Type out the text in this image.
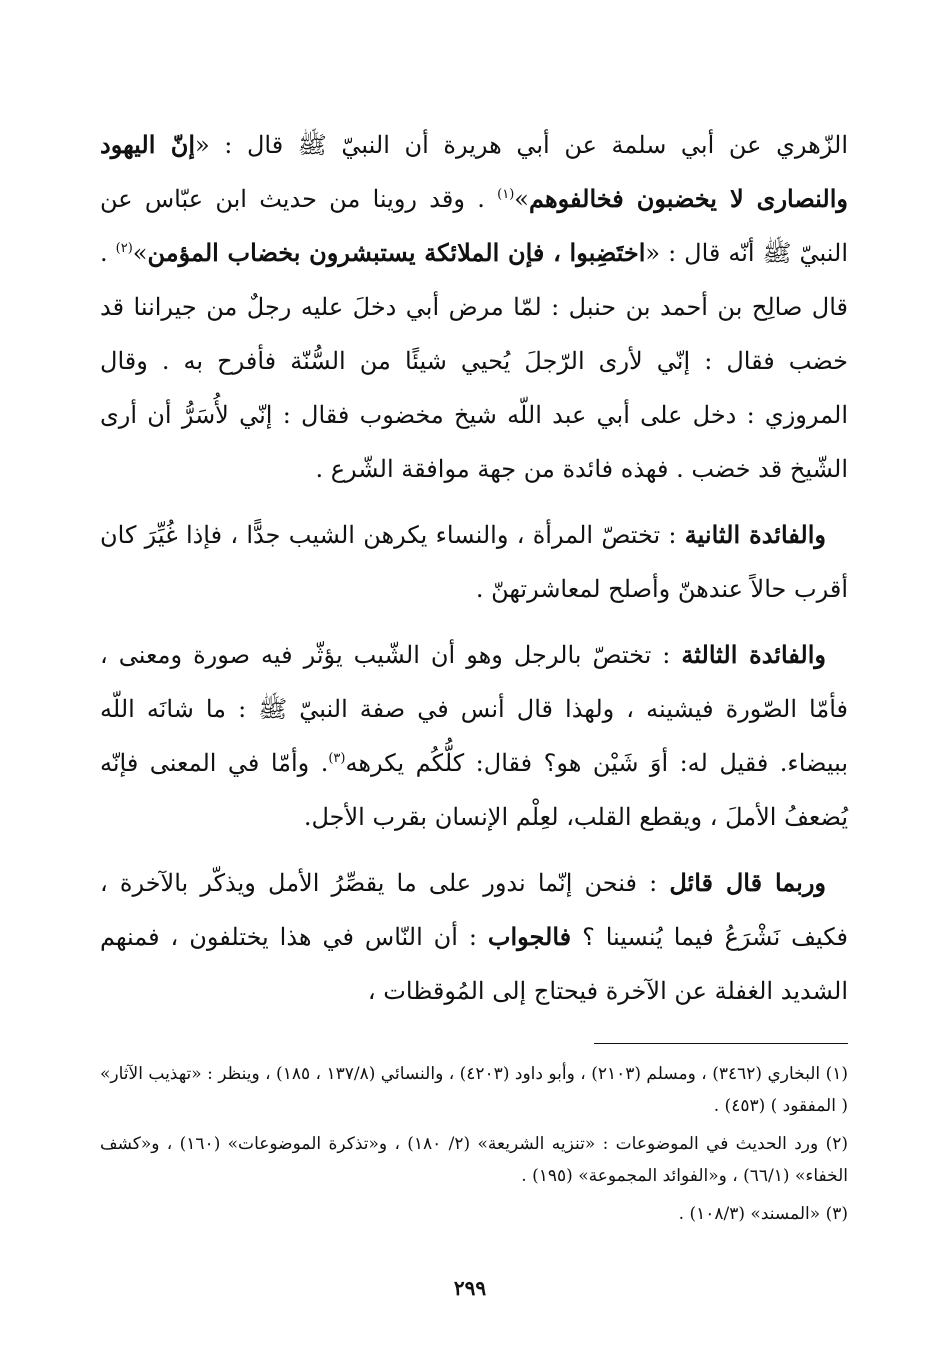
الزّهري عن أبي سلمة عن أبي هريرة أن النبيّ ﷺ قال : «إنّ اليهود والنصارى لا يخضبون فخالفوهم»$^{(١)}$ . وقد روينا من حديث ابن عبّاس عن النبيّ ﷺ أنّه قال : «اختَضِبوا ، فإن الملائكة يستبشرون بخضاب المؤمن»$^{(٢)}$ . قال صالِح بن أحمد بن حنبل : لمّا مرض أبي دخلَ عليه رجلٌ من جيراننا قد خضب فقال : إنّي لأرى الرّجلَ يُحيي شيئًا من السُّنّة فأفرح به . وقال المروزي : دخل على أبي عبد اللّه شيخ مخضوب فقال : إنّي لأُسَرُّ أن أرى الشّيخ قد خضب . فهذه فائدة من جهة موافقة الشّرع .

والفائدة الثانية : تختصّ المرأة ، والنساء يكرهن الشيب جدًّا ، فإذا غُيِّرَ كان أقرب حالاً عندهنّ وأصلح لمعاشرتهنّ .

والفائدة الثالثة : تختصّ بالرجل وهو أن الشّيب يؤثّر فيه صورة ومعنى ، فأمّا الصّورة فيشينه ، ولهذا قال أنس في صفة النبيّ ﷺ : ما شانَه اللّه ببيضاء. فقيل له: أوَ شَيْن هو؟ فقال: كلُّكُم يكرهه$^{(٣)}$. وأمّا في المعنى فإنّه يُضعفُ الأملَ ، ويقطع القلب، لعِلْم الإنسان بقرب الأجل.

وربما قال قائل : فنحن إنّما ندور على ما يقصِّرُ الأمل ويذكّر بالآخرة ، فكيف نَشْرَعُ فيما يُنسينا ؟ فالجواب : أن النّاس في هذا يختلفون ، فمنهم الشديد الغفلة عن الآخرة فيحتاج إلى المُوقظات ،

(١) البخاري (٣٤٦٢) ، ومسلم (٢١٠٣) ، وأبو داود (٤٢٠٣) ، والنسائي (١٣٧/٨ ، ١٨٥) ، وينظر : «تهذيب الآثار» ( المفقود ) (٤٥٣) .

(٢) ورد الحديث في الموضوعات : «تنزيه الشريعة» (٢/ ١٨٠) ، و«تذكرة الموضوعات» (١٦٠) ، و«كشف الخفاء» (٦٦/١) ، و«الفوائد المجموعة» (١٩٥) .

(٣) «المسند» (١٠٨/٣) .

٢٩٩
